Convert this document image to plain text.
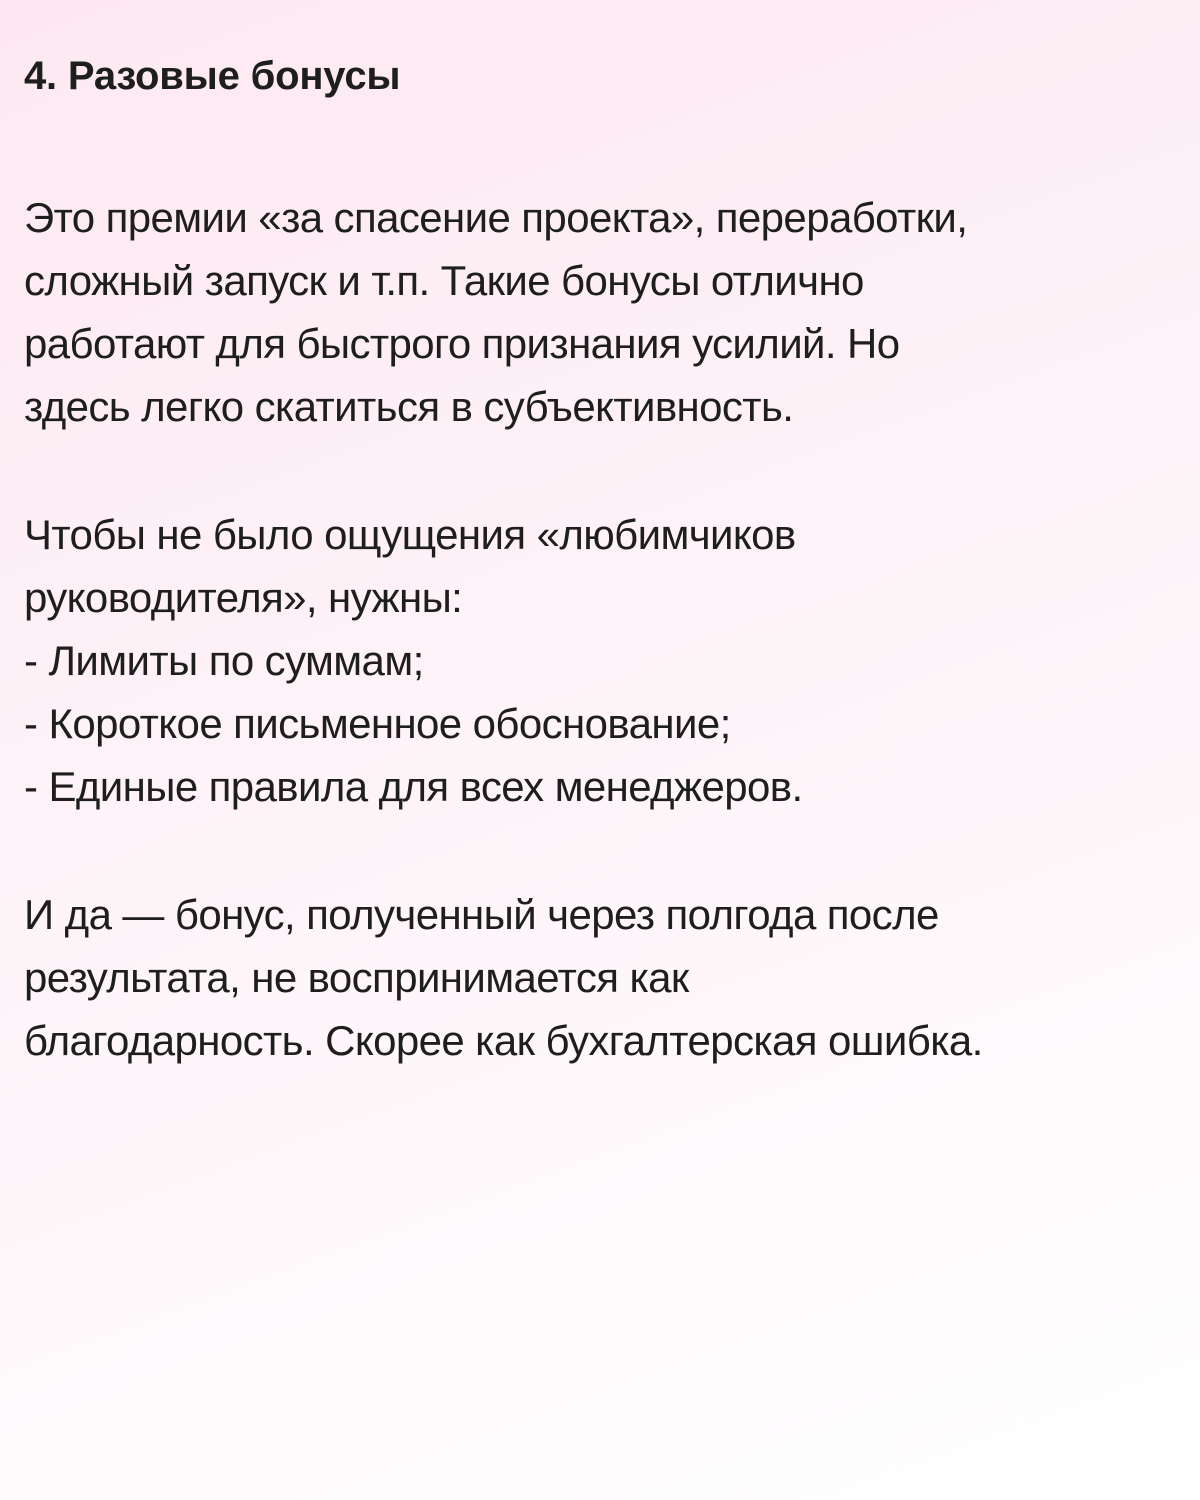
4. Разовые бонусы
Это премии «за спасение проекта», переработки,
сложный запуск и т.п. Такие бонусы отлично
работают для быстрого признания усилий. Но
здесь легко скатиться в субъективность.
Чтобы не было ощущения «любимчиков
руководителя», нужны:
- Лимиты по суммам;
- Короткое письменное обоснование;
- Единые правила для всех менеджеров.
И да — бонус, полученный через полгода после
результата, не воспринимается как
благодарность. Скорее как бухгалтерская ошибка.
